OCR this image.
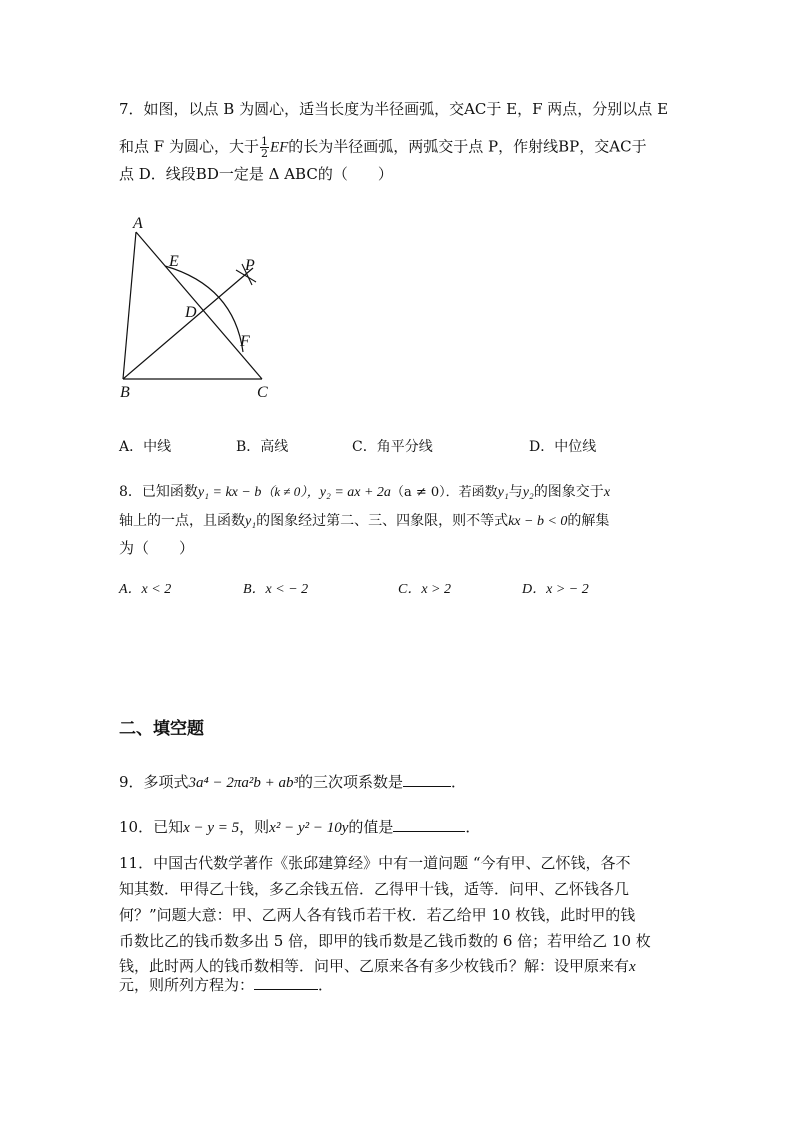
7．如图，以点 B 为圆心，适当长度为半径画弧，交AC于 E，F 两点，分别以点 E
和点 F 为圆心，大于 $\frac{1}{2}$ EF的长为半径画弧，两弧交于点 P，作射线BP，交AC于
点 D．线段BD一定是 Δ ABC的（　　）
A
B	C
D
E
F
P
A．中线	B．高线	C．角平分线	D．中位线
8．已知函数y₁ = kx − b（k ≠ 0），y₂ = ax + 2a（a ≠ 0）．若函数y₁与y₂的图象交于x
轴上的一点，且函数y₁的图象经过第二、三、四象限，则不等式kx − b < 0的解集
为（　　）
A．x < 2	B．x < − 2	C．x > 2	D．x > − 2
二、填空题
9．多项式3a⁴ − 2πa²b + ab³的三次项系数是	．
10．已知x − y = 5，则x² − y² − 10y的值是	．
11．中国古代数学著作《张邱建算经》中有一道问题 “今有甲、乙怀钱，各不
知其数．甲得乙十钱，多乙余钱五倍．乙得甲十钱，适等．问甲、乙怀钱各几
何？”问题大意：甲、乙两人各有钱币若干枚．若乙给甲 10 枚钱，此时甲的钱
币数比乙的钱币数多出 5 倍，即甲的钱币数是乙钱币数的 6 倍；若甲给乙 10 枚
钱，此时两人的钱币数相等．问甲、乙原来各有多少枚钱币？解：设甲原来有x
元，则所列方程为：	．
